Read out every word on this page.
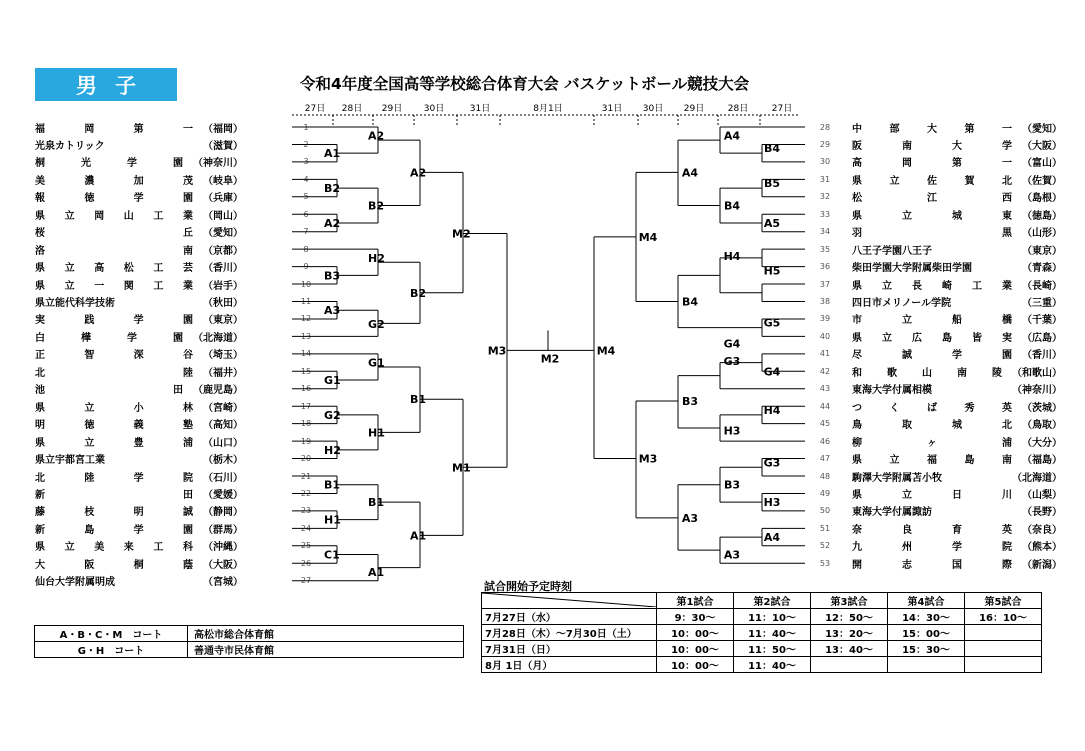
男子	令和4年度全国高等学校総合体育大会 バスケットボール競技大会
福	岡	第	一 （福岡）	1
光泉カトリック	（滋賀）	2
桐	光	学	園 （神奈川）	3
美	濃	加	茂 （岐阜）	4
報	徳	学	園 （兵庫）	5
県 立 岡 山 工 業 （岡山）	6
桜	丘 （愛知）	7
洛	南 （京都）	8
県 立 高 松 工 芸 （香川）	9
県 立 一 関 工 業 （岩手）	10
県立能代科学技術	（秋田）	11
実	践	学	園 （東京）	12
白	樺	学	園 （北海道）	13
正	智	深	谷 （埼玉）	14
北	陸 （福井）	15
池	田 （鹿児島）	16
県	立	小	林 （宮崎）	17
明	徳	義	塾 （高知）	18
県	立	豊	浦 （山口）	19
県立宇都宮工業	（栃木）	20
北	陸	学	院 （石川）	21
新	田 （愛媛）	22
藤	枝	明	誠 （静岡）	23
新	島	学	園 （群馬）	24
県 立 美 来 工 科 （沖縄）	25
大	阪	桐	蔭 （大阪）	26
仙台大学附属明成	（宮城）	27
28	中	部	大	第	一 （愛知）
29	阪	南	大	学 （大阪）
30	高	岡	第	一 （富山）
31	県	立	佐	賀	北 （佐賀）
32	松	江	西 （島根）
33	県	立	城	東 （徳島）
34	羽	黒 （山形）
35	八王子学園八王子	（東京）
36	柴田学園大学附属柴田学園	（青森）
37	県 立 長 崎 工 業 （長崎）
38	四日市メリノール学院	（三重）
39	市	立	船	橋 （千葉）
40	県 立 広 島 皆 実 （広島）
41	尽	誠	学	園 （香川）
42	和	歌	山	南	陵 （和歌山）
43	東海大学付属相模	（神奈川）
44	つ	く	ば	秀	英 （茨城）
45	鳥	取	城	北 （鳥取）
46	柳	ヶ	浦 （大分）
47	県	立	福	島	南 （福島）
48	駒澤大学附属苫小牧	（北海道）
49	県	立	日	川 （山梨）
50	東海大学付属諏訪	（長野）
51	奈	良	育	英 （奈良）
52	九	州	学	院 （熊本）
53	開	志	国	際 （新潟）
27日 28日 29日 30日	31日	8月1日	31日 30日 29日	28日	27日
A1
A2
B2
A2
B2
A2
B3
H2
A3
G2
B2
M2
G1
G1
G2
H2
H1
B1
B1
H1
B1
C1
A1
A1
M1
M3
B4
A4
B5
A5
B4
A4
H4
H5
G5
G4
B4
M4
G3
G4
H4
H3
B3
G3
H3
B3
A4
A3
A3
M3
M4
M2
試合開始予定時刻
	第1試合	第2試合	第3試合	第4試合	第5試合
7月27日（水）	9：30～	11：10～	12：50～	14：30～	16：10～
7月28日（木）～7月30日（土）	10：00～	11：40～	13：20～	15：00～	
7月31日（日）	10：00～	11：50～	13：40～	15：30～	
8月 1日（月）	10：00～	11：40～			
A・B・C・M　コート	高松市総合体育館
G・H　コート	善通寺市民体育館
